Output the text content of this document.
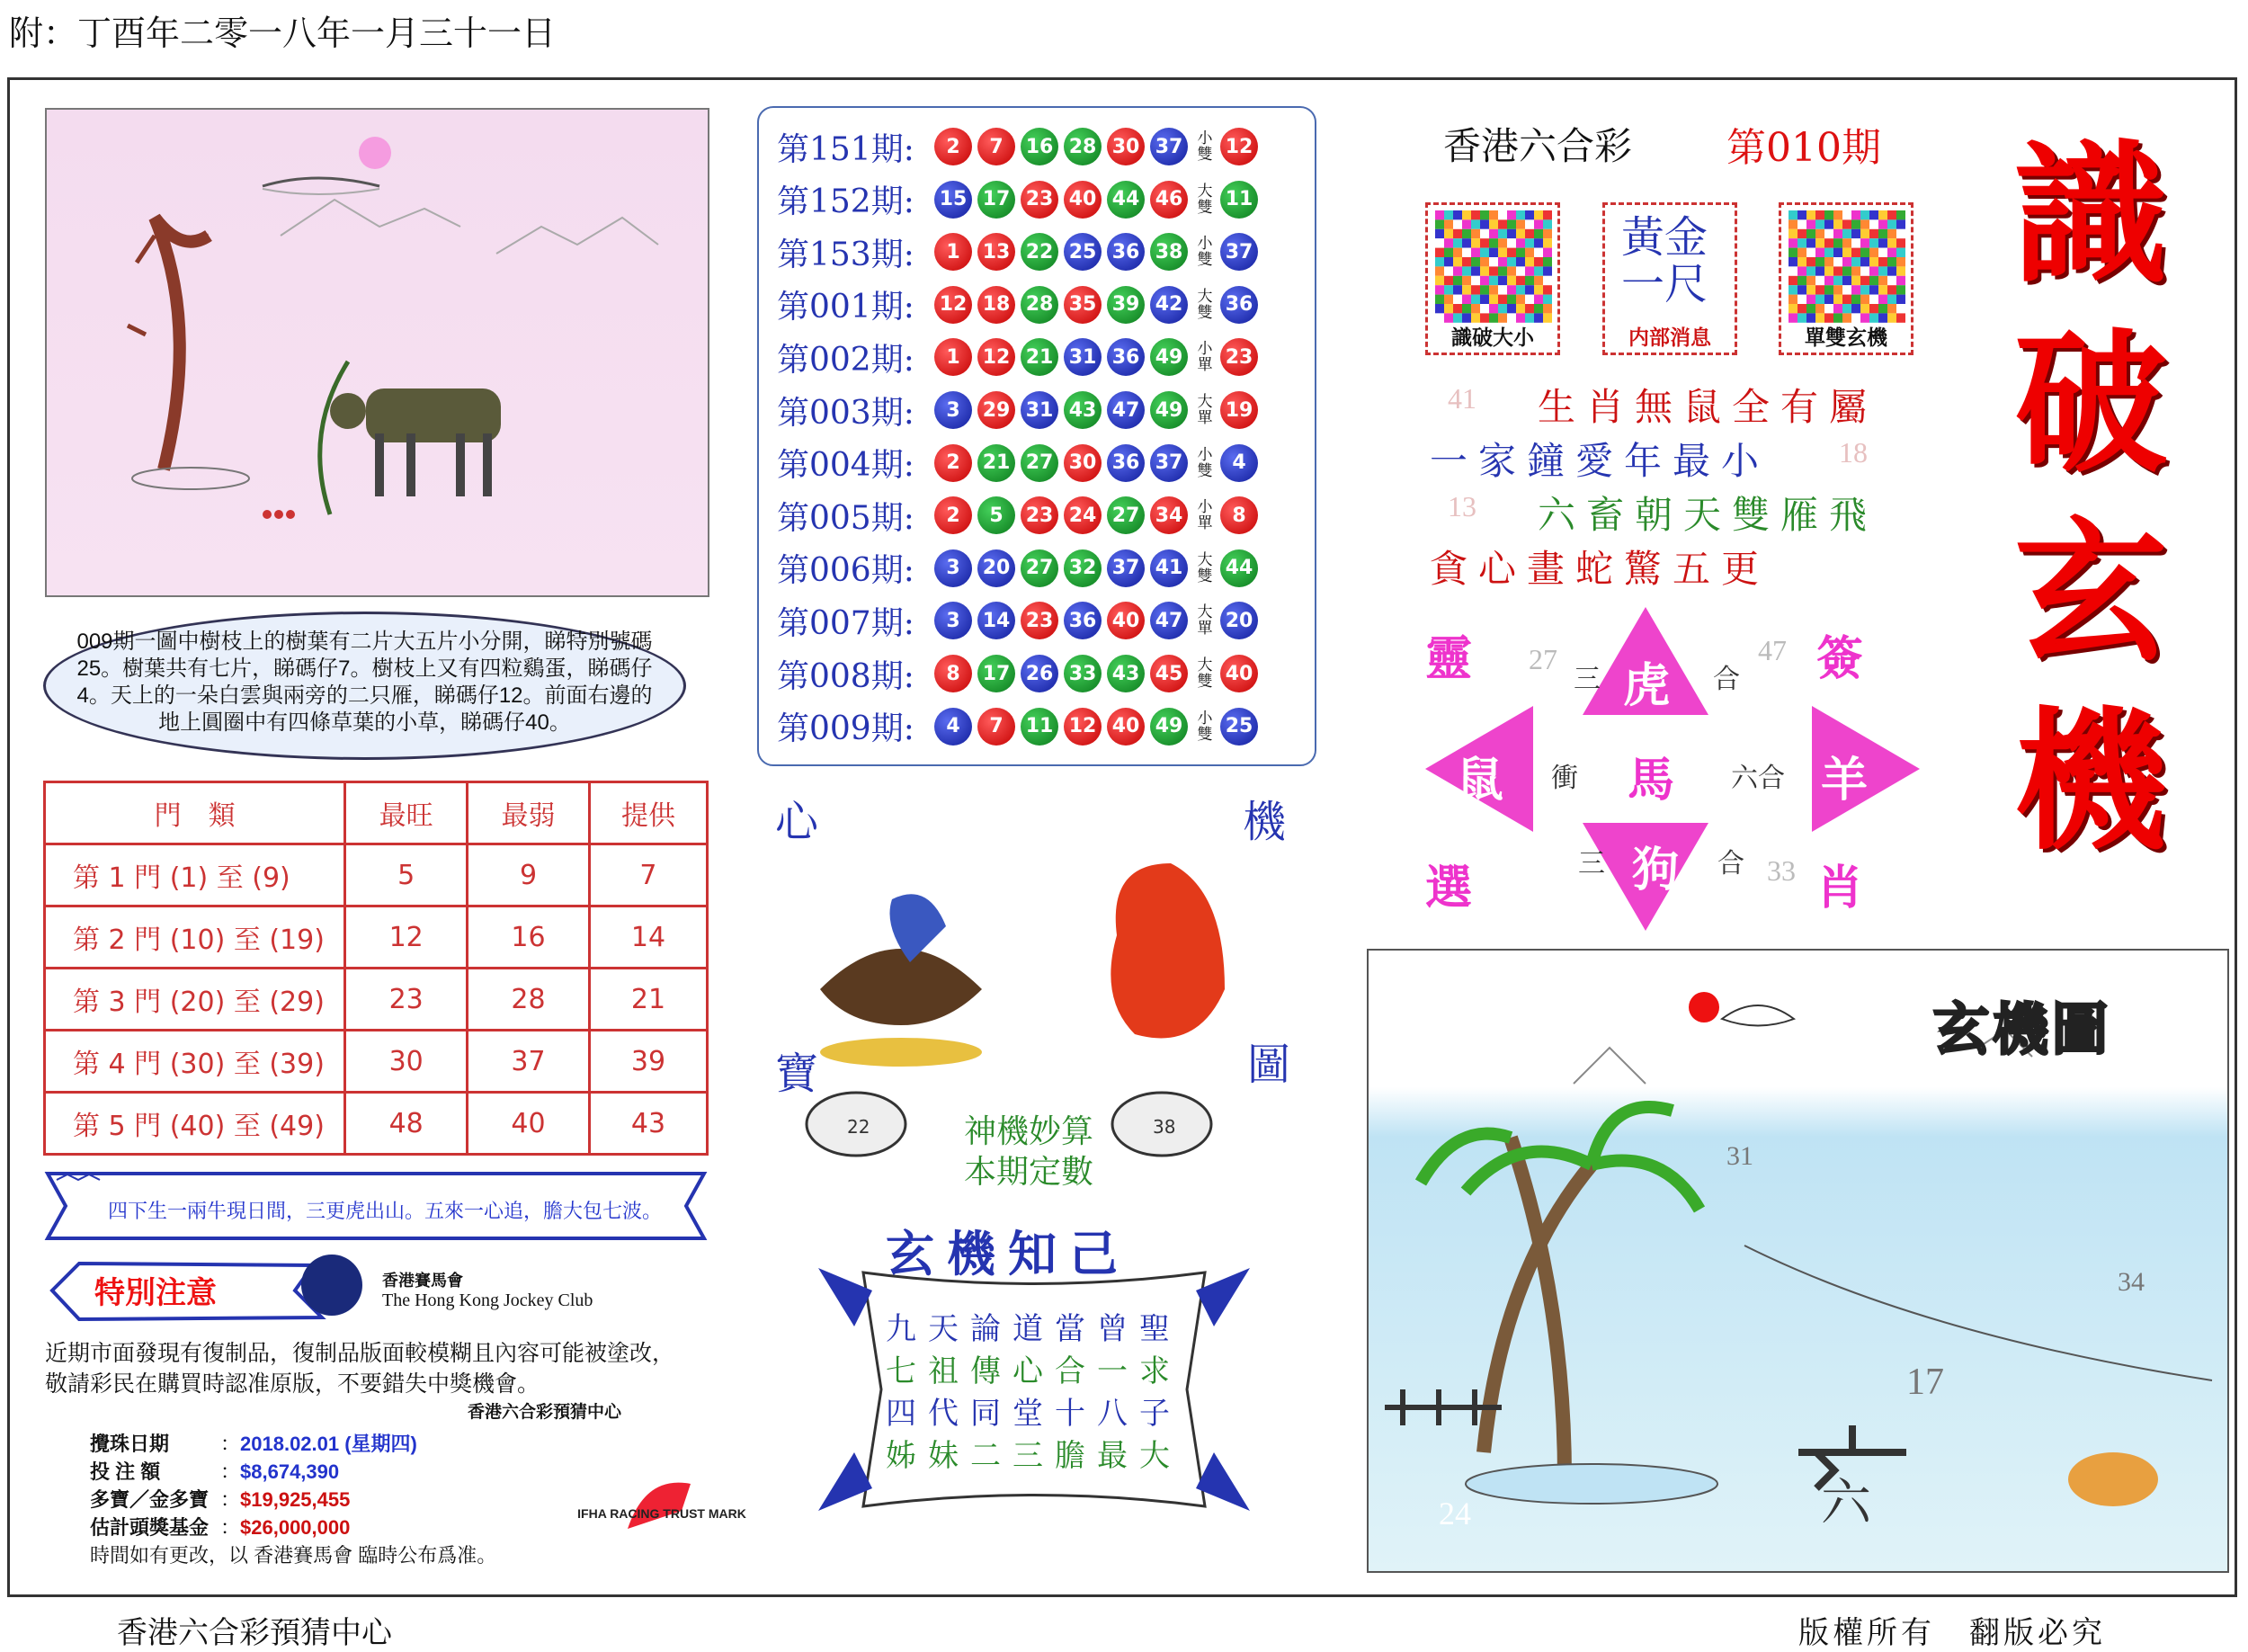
附：丁酉年二零一八年一月三十一日
009期一圖中樹枝上的樹葉有二片大五片小分開，睇特別號碼25。樹葉共有七片，睇碼仔7。樹枝上又有四粒鷄蛋，睇碼仔4。天上的一朵白雲與兩旁的二只雁，睇碼仔12。前面右邊的地上圓圈中有四條草葉的小草，睇碼仔40。
門　類	最旺	最弱	提供
第 1 門 (1) 至 (9)	5	9	7
第 2 門 (10) 至 (19)	12	16	14
第 3 門 (20) 至 (29)	23	28	21
第 4 門 (30) 至 (39)	30	37	39
第 5 門 (40) 至 (49)	48	40	43
四下生一兩牛現日間，三更虎出山。五來一心追，膽大包七波。
特別注意	香港賽馬會
The Hong Kong Jockey Club
近期市面發現有復制品，復制品版面較模糊且內容可能被塗改，敬請彩民在購買時認准原版，不要錯失中獎機會。
香港六合彩預猜中心
攪珠日期	：2018.02.01 (星期四)
投 注 額	：$8,674,390
多寶／金多寶 ：$19,925,455
估計頭獎基金 ：$26,000,000
時間如有更改，以 香港賽馬會 臨時公布爲准。
IFHA RACING TRUST MARK
第151期:	2	7	16 28 30 37 小雙 12
第152期:	15 17 23 40 44 46 大雙 11
第153期:	1	13 22 25 36 38 小雙 37
第001期:	12 18 28 35 39 42 大雙 36
第002期:	1	12 21 31 36 49 小單 23
第003期:	3	29 31 43 47 49 大單 19
第004期:	2	21 27 30 36 37 小雙 4
第005期:	2	5	23 24 27 34 小單 8
第006期:	3	20 27 32 37 41 大雙 44
第007期:	3	14 23 36 40 47 大單 20
第008期:	8	17 26 33 43 45 大雙 40
第009期:	4	7	11 12 40 49 小雙 25
22	38
心	機
寶	圖
神機妙算
本期定數
玄機知己
九天論道當曾聖
七祖傳心合一求
四代同堂十八子
姊妹二三膽最大
香港六合彩 第010期 識破玄機
識破大小
黃金一尺
内部消息	單雙玄機
41 生肖無鼠全有屬
一家鐘愛年最小 18
13 六畜朝天雙雁飛
貪心畫蛇驚五更
靈	簽
選	肖
虎
鼠	馬	羊
狗
三	合
衝	六合
三	合
27	47
33
31
34
17
24	六
玄機圖
香港六合彩預猜中心	版權所有　翻版必究
